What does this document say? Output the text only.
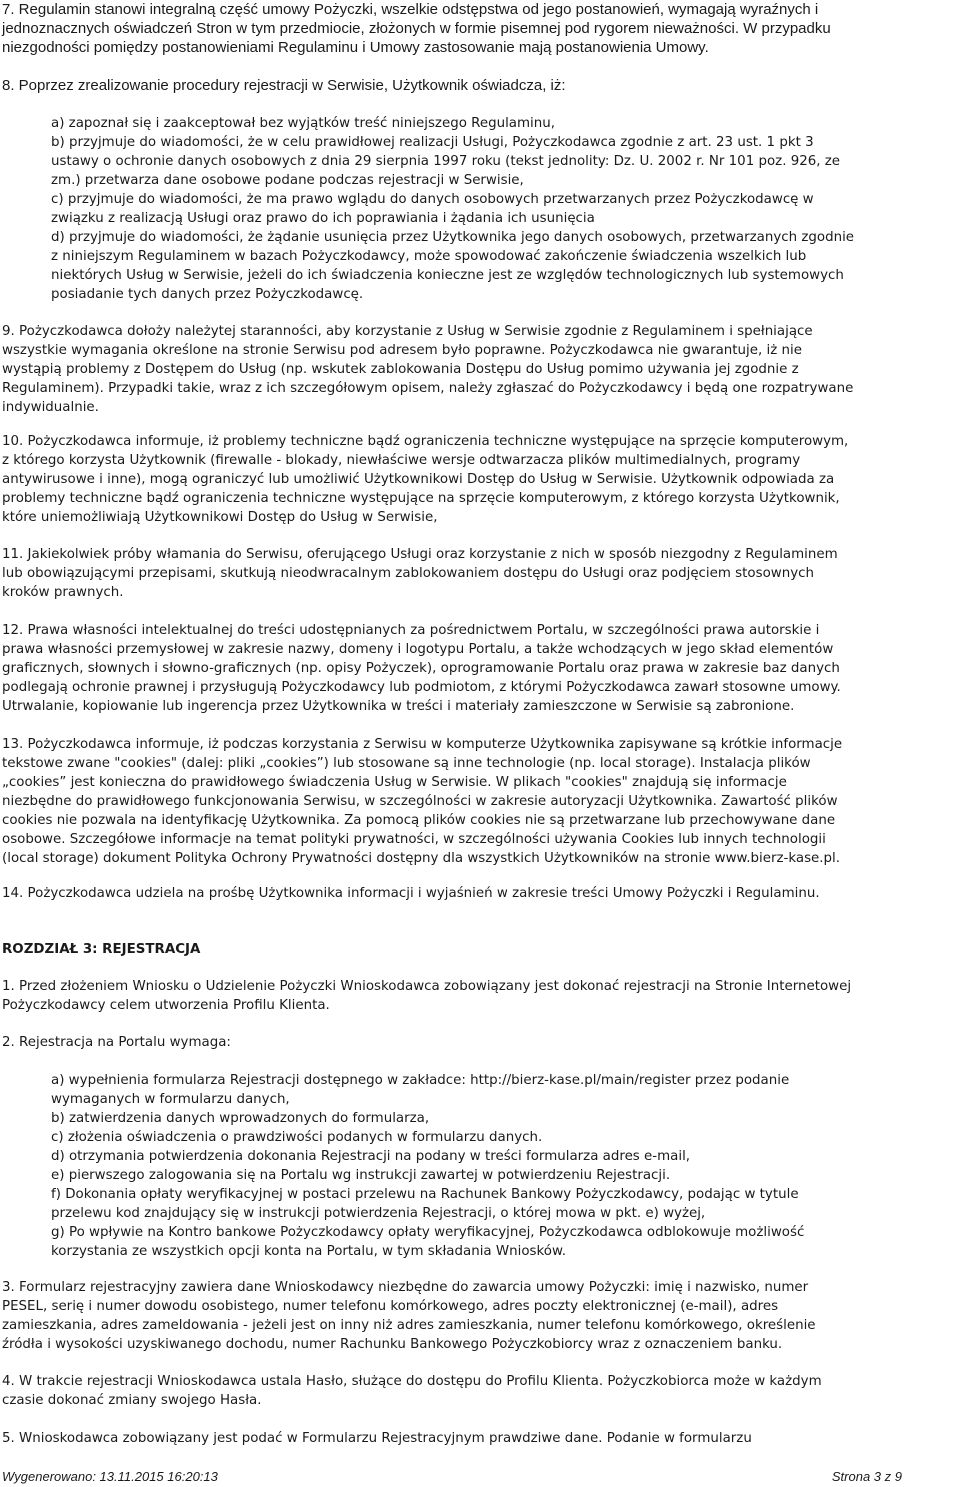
7. Regulamin stanowi integralną część umowy Pożyczki, wszelkie odstępstwa od jego postanowień, wymagają wyraźnych i
jednoznacznych oświadczeń Stron w tym przedmiocie, złożonych w formie pisemnej pod rygorem nieważności. W przypadku
niezgodności pomiędzy postanowieniami Regulaminu i Umowy zastosowanie mają postanowienia Umowy.
8. Poprzez zrealizowanie procedury rejestracji w Serwisie, Użytkownik oświadcza, iż:
a) zapoznał się i zaakceptował bez wyjątków treść niniejszego Regulaminu,
b) przyjmuje do wiadomości, że w celu prawidłowej realizacji Usługi, Pożyczkodawca zgodnie z art. 23 ust. 1 pkt 3
ustawy o ochronie danych osobowych z dnia 29 sierpnia 1997 roku (tekst jednolity: Dz. U. 2002 r. Nr 101 poz. 926, ze
zm.) przetwarza dane osobowe podane podczas rejestracji w Serwisie,
c) przyjmuje do wiadomości, że ma prawo wglądu do danych osobowych przetwarzanych przez Pożyczkodawcę w
związku z realizacją Usługi oraz prawo do ich poprawiania i żądania ich usunięcia
d) przyjmuje do wiadomości, że żądanie usunięcia przez Użytkownika jego danych osobowych, przetwarzanych zgodnie
z niniejszym Regulaminem w bazach Pożyczkodawcy, może spowodować zakończenie świadczenia wszelkich lub
niektórych Usług w Serwisie, jeżeli do ich świadczenia konieczne jest ze względów technologicznych lub systemowych
posiadanie tych danych przez Pożyczkodawcę.
9. Pożyczkodawca dołoży należytej staranności, aby korzystanie z Usług w Serwisie zgodnie z Regulaminem i spełniające
wszystkie wymagania określone na stronie Serwisu pod adresem było poprawne. Pożyczkodawca nie gwarantuje, iż nie
wystąpią problemy z Dostępem do Usług (np. wskutek zablokowania Dostępu do Usług pomimo używania jej zgodnie z
Regulaminem). Przypadki takie, wraz z ich szczegółowym opisem, należy zgłaszać do Pożyczkodawcy i będą one rozpatrywane
indywidualnie.
10. Pożyczkodawca informuje, iż problemy techniczne bądź ograniczenia techniczne występujące na sprzęcie komputerowym,
z którego korzysta Użytkownik (firewalle - blokady, niewłaściwe wersje odtwarzacza plików multimedialnych, programy
antywirusowe i inne), mogą ograniczyć lub umożliwić Użytkownikowi Dostęp do Usług w Serwisie. Użytkownik odpowiada za
problemy techniczne bądź ograniczenia techniczne występujące na sprzęcie komputerowym, z którego korzysta Użytkownik,
które uniemożliwiają Użytkownikowi Dostęp do Usług w Serwisie,
11. Jakiekolwiek próby włamania do Serwisu, oferującego Usługi oraz korzystanie z nich w sposób niezgodny z Regulaminem
lub obowiązującymi przepisami, skutkują nieodwracalnym zablokowaniem dostępu do Usługi oraz podjęciem stosownych
kroków prawnych.
12. Prawa własności intelektualnej do treści udostępnianych za pośrednictwem Portalu, w szczególności prawa autorskie i
prawa własności przemysłowej w zakresie nazwy, domeny i logotypu Portalu, a także wchodzących w jego skład elementów
graficznych, słownych i słowno-graficznych (np. opisy Pożyczek), oprogramowanie Portalu oraz prawa w zakresie baz danych
podlegają ochronie prawnej i przysługują Pożyczkodawcy lub podmiotom, z którymi Pożyczkodawca zawarł stosowne umowy.
Utrwalanie, kopiowanie lub ingerencja przez Użytkownika w treści i materiały zamieszczone w Serwisie są zabronione.
13. Pożyczkodawca informuje, iż podczas korzystania z Serwisu w komputerze Użytkownika zapisywane są krótkie informacje
tekstowe zwane "cookies" (dalej: pliki „cookies”) lub stosowane są inne technologie (np. local storage). Instalacja plików
„cookies” jest konieczna do prawidłowego świadczenia Usług w Serwisie. W plikach "cookies" znajdują się informacje
niezbędne do prawidłowego funkcjonowania Serwisu, w szczególności w zakresie autoryzacji Użytkownika. Zawartość plików
cookies nie pozwala na identyfikację Użytkownika. Za pomocą plików cookies nie są przetwarzane lub przechowywane dane
osobowe. Szczegółowe informacje na temat polityki prywatności, w szczególności używania Cookies lub innych technologii
(local storage) dokument Polityka Ochrony Prywatności dostępny dla wszystkich Użytkowników na stronie www.bierz-kase.pl.
14. Pożyczkodawca udziela na prośbę Użytkownika informacji i wyjaśnień w zakresie treści Umowy Pożyczki i Regulaminu.
ROZDZIAŁ 3: REJESTRACJA
1. Przed złożeniem Wniosku o Udzielenie Pożyczki Wnioskodawca zobowiązany jest dokonać rejestracji na Stronie Internetowej
Pożyczkodawcy celem utworzenia Profilu Klienta.
2. Rejestracja na Portalu wymaga:
a) wypełnienia formularza Rejestracji dostępnego w zakładce: http://bierz-kase.pl/main/register przez podanie
wymaganych w formularzu danych,
b) zatwierdzenia danych wprowadzonych do formularza,
c) złożenia oświadczenia o prawdziwości podanych w formularzu danych.
d) otrzymania potwierdzenia dokonania Rejestracji na podany w treści formularza adres e-mail,
e) pierwszego zalogowania się na Portalu wg instrukcji zawartej w potwierdzeniu Rejestracji.
f) Dokonania opłaty weryfikacyjnej w postaci przelewu na Rachunek Bankowy Pożyczkodawcy, podając w tytule
przelewu kod znajdujący się w instrukcji potwierdzenia Rejestracji, o której mowa w pkt. e) wyżej,
g) Po wpływie na Kontro bankowe Pożyczkodawcy opłaty weryfikacyjnej, Pożyczkodawca odblokowuje możliwość
korzystania ze wszystkich opcji konta na Portalu, w tym składania Wniosków.
3. Formularz rejestracyjny zawiera dane Wnioskodawcy niezbędne do zawarcia umowy Pożyczki: imię i nazwisko, numer
PESEL, serię i numer dowodu osobistego, numer telefonu komórkowego, adres poczty elektronicznej (e-mail), adres
zamieszkania, adres zameldowania - jeżeli jest on inny niż adres zamieszkania, numer telefonu komórkowego, określenie
źródła i wysokości uzyskiwanego dochodu, numer Rachunku Bankowego Pożyczkobiorcy wraz z oznaczeniem banku.
4. W trakcie rejestracji Wnioskodawca ustala Hasło, służące do dostępu do Profilu Klienta. Pożyczkobiorca może w każdym
czasie dokonać zmiany swojego Hasła.
5. Wnioskodawca zobowiązany jest podać w Formularzu Rejestracyjnym prawdziwe dane. Podanie w formularzu
Wygenerowano: 13.11.2015 16:20:13	Strona 3 z 9
